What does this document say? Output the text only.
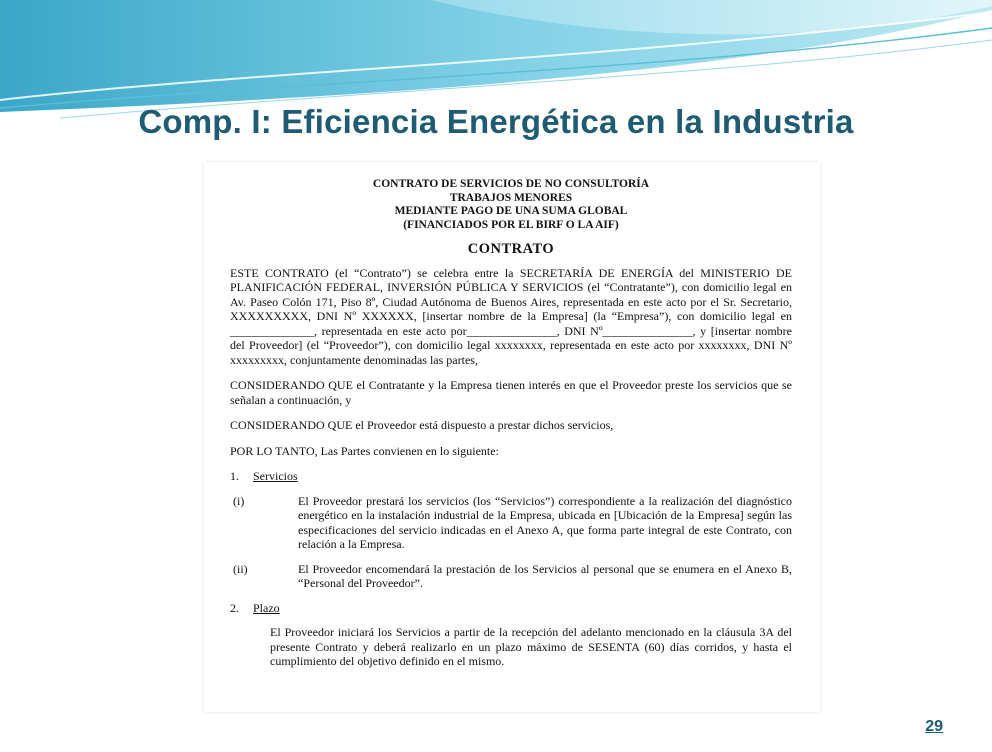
Comp. I: Eficiencia Energética en la Industria
CONTRATO DE SERVICIOS DE NO CONSULTORÍA
TRABAJOS MENORES
MEDIANTE PAGO DE UNA SUMA GLOBAL
(FINANCIADOS POR EL BIRF O LA AIF)
CONTRATO
ESTE CONTRATO (el “Contrato”) se celebra entre la SECRETARÍA DE ENERGÍA del MINISTERIO DE PLANIFICACIÓN FEDERAL, INVERSIÓN PÚBLICA Y SERVICIOS (el “Contratante”), con domicilio legal en Av. Paseo Colón 171, Piso 8º, Ciudad Autónoma de Buenos Aires, representada en este acto por el Sr. Secretario, XXXXXXXXX, DNI Nº XXXXXX, [insertar nombre de la Empresa] (la “Empresa”), con domicilio legal en ______________, representada en este acto por_______________, DNI Nº_______________, y [insertar nombre del Proveedor] (el “Proveedor”), con domicilio legal xxxxxxxx, representada en este acto por xxxxxxxx, DNI Nº xxxxxxxxx, conjuntamente denominadas las partes,
CONSIDERANDO QUE el Contratante y la Empresa tienen interés en que el Proveedor preste los servicios que se señalan a continuación, y
CONSIDERANDO QUE el Proveedor está dispuesto a prestar dichos servicios,
POR LO TANTO, Las Partes convienen en lo siguiente:
1.	Servicios
(i)	El Proveedor prestará los servicios (los “Servicios”) correspondiente a la realización del diagnóstico energético en la instalación industrial de la Empresa, ubicada en [Ubicación de la Empresa] según las especificaciones del servicio indicadas en el Anexo A, que forma parte integral de este Contrato, con relación a la Empresa.
(ii)	El Proveedor encomendará la prestación de los Servicios al personal que se enumera en el Anexo B, “Personal del Proveedor”.
2.	Plazo
El Proveedor iniciará los Servicios a partir de la recepción del adelanto mencionado en la cláusula 3A del presente Contrato y deberá realizarlo en un plazo máximo de SESENTA (60) días corridos, y hasta el cumplimiento del objetivo definido en el mismo.
29
